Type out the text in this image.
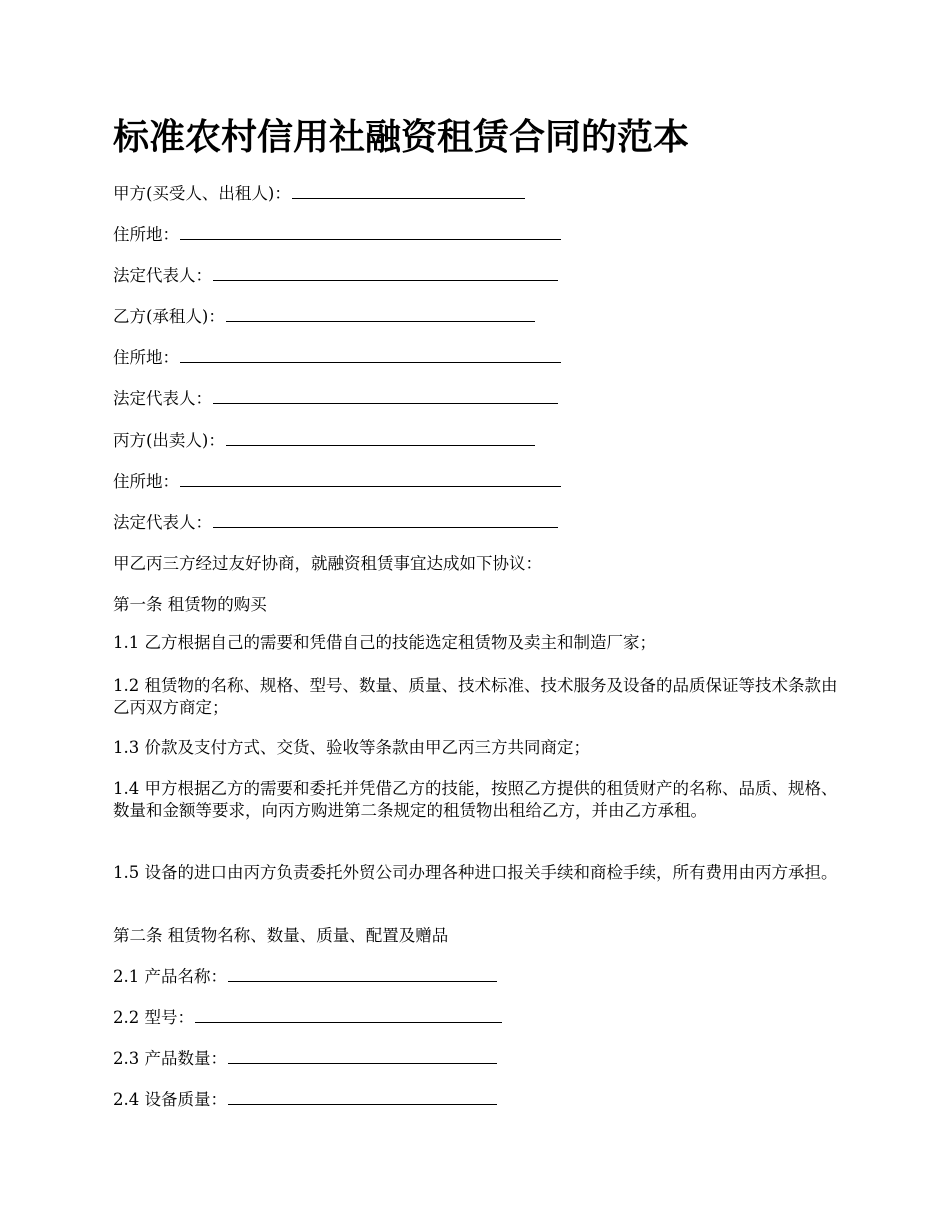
标准农村信用社融资租赁合同的范本
甲方(买受人、出租人)：
住所地：
法定代表人：
乙方(承租人)：
住所地：
法定代表人：
丙方(出卖人)：
住所地：
法定代表人：
甲乙丙三方经过友好协商，就融资租赁事宜达成如下协议：
第一条 租赁物的购买
1.1 乙方根据自己的需要和凭借自己的技能选定租赁物及卖主和制造厂家；
1.2 租赁物的名称、规格、型号、数量、质量、技术标准、技术服务及设备的品质保证等技术条款由乙丙双方商定；
1.3 价款及支付方式、交货、验收等条款由甲乙丙三方共同商定；
1.4 甲方根据乙方的需要和委托并凭借乙方的技能，按照乙方提供的租赁财产的名称、品质、规格、数量和金额等要求，向丙方购进第二条规定的租赁物出租给乙方，并由乙方承租。
1.5 设备的进口由丙方负责委托外贸公司办理各种进口报关手续和商检手续，所有费用由丙方承担。
第二条 租赁物名称、数量、质量、配置及赠品
2.1 产品名称：
2.2 型号：
2.3 产品数量：
2.4 设备质量：
